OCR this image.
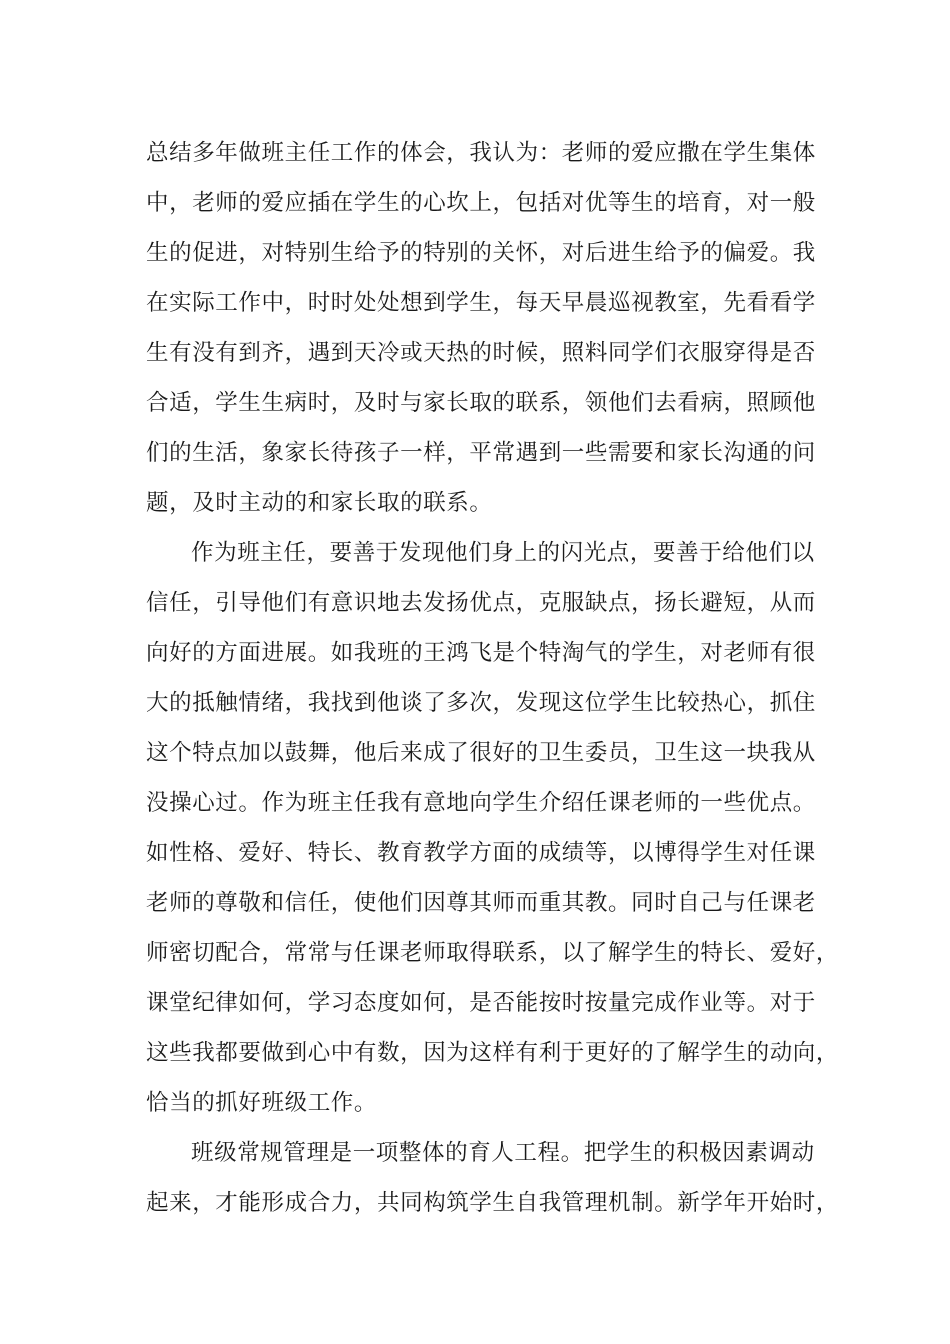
总结多年做班主任工作的体会，我认为：老师的爱应撒在学生集体
中，老师的爱应插在学生的心坎上，包括对优等生的培育，对一般
生的促进，对特别生给予的特别的关怀，对后进生给予的偏爱。我
在实际工作中，时时处处想到学生，每天早晨巡视教室，先看看学
生有没有到齐，遇到天冷或天热的时候，照料同学们衣服穿得是否
合适，学生生病时，及时与家长取的联系，领他们去看病，照顾他
们的生活，象家长待孩子一样，平常遇到一些需要和家长沟通的问
题，及时主动的和家长取的联系。
作为班主任，要善于发现他们身上的闪光点，要善于给他们以
信任，引导他们有意识地去发扬优点，克服缺点，扬长避短，从而
向好的方面进展。如我班的王鸿飞是个特淘气的学生，对老师有很
大的抵触情绪，我找到他谈了多次，发现这位学生比较热心，抓住
这个特点加以鼓舞，他后来成了很好的卫生委员，卫生这一块我从
没操心过。作为班主任我有意地向学生介绍任课老师的一些优点。
如性格、爱好、特长、教育教学方面的成绩等，以博得学生对任课
老师的尊敬和信任，使他们因尊其师而重其教。同时自己与任课老
师密切配合，常常与任课老师取得联系，以了解学生的特长、爱好，
课堂纪律如何，学习态度如何，是否能按时按量完成作业等。对于
这些我都要做到心中有数，因为这样有利于更好的了解学生的动向，
恰当的抓好班级工作。
班级常规管理是一项整体的育人工程。把学生的积极因素调动
起来，才能形成合力，共同构筑学生自我管理机制。新学年开始时，
